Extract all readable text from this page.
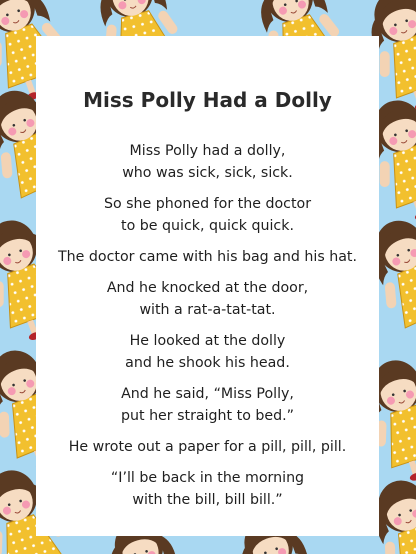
Miss Polly Had a Dolly
Miss Polly had a dolly,
who was sick, sick, sick.
So she phoned for the doctor
to be quick, quick quick.
The doctor came with his bag and his hat.
And he knocked at the door,
with a rat-a-tat-tat.
He looked at the dolly
and he shook his head.
And he said, “Miss Polly,
put her straight to bed.”
He wrote out a paper for a pill, pill, pill.
“I’ll be back in the morning
with the bill, bill bill.”
